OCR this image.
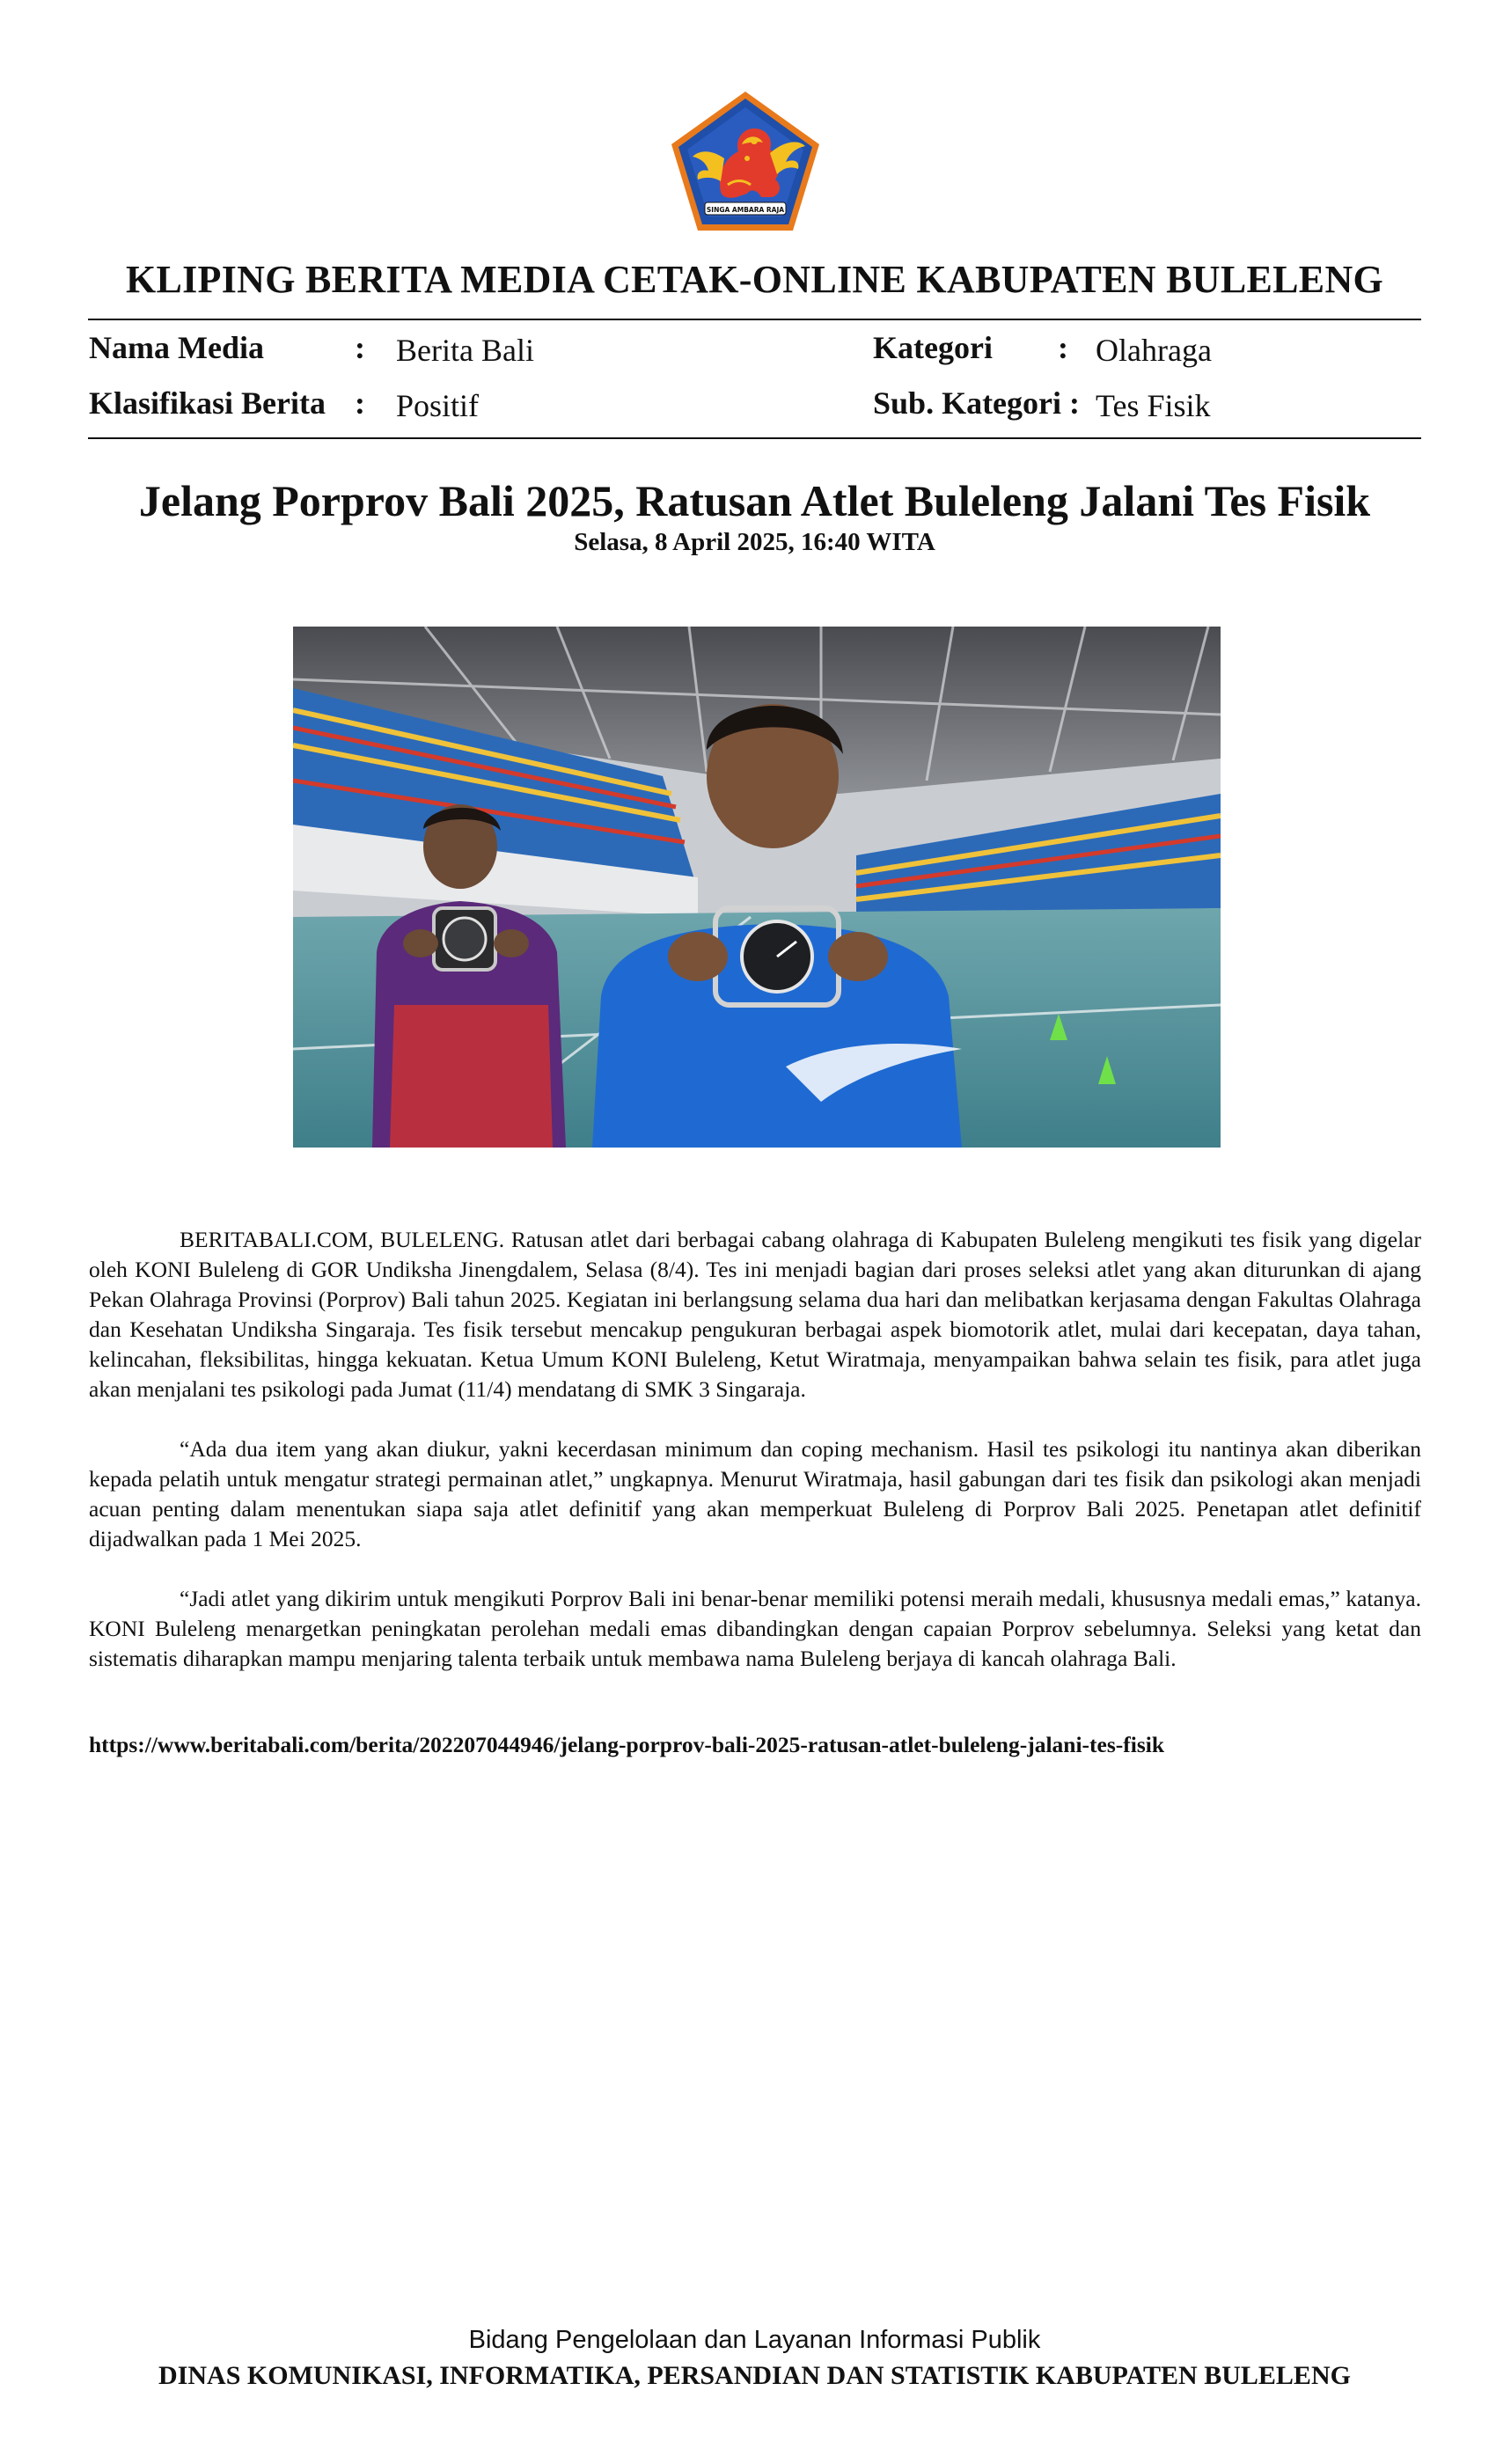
SINGA AMBARA RAJA
KLIPING BERITA MEDIA CETAK-ONLINE KABUPATEN BULELENG
Nama Media	: Berita Bali	Kategori : Olahraga
Klasifikasi Berita : Positif	Sub. Kategori : Tes Fisik
Jelang Porprov Bali 2025, Ratusan Atlet Buleleng Jalani Tes Fisik
Selasa, 8 April 2025, 16:40 WITA

BERITABALI.COM, BULELENG. Ratusan atlet dari berbagai cabang olahraga di Kabupaten Buleleng mengikuti tes fisik yang digelar oleh KONI Buleleng di GOR Undiksha Jinengdalem, Selasa (8/4). Tes ini menjadi bagian dari proses seleksi atlet yang akan diturunkan di ajang Pekan Olahraga Provinsi (Porprov) Bali tahun 2025. Kegiatan ini berlangsung selama dua hari dan melibatkan kerjasama dengan Fakultas Olahraga dan Kesehatan Undiksha Singaraja. Tes fisik tersebut mencakup pengukuran berbagai aspek biomotorik atlet, mulai dari kecepatan, daya tahan, kelincahan, fleksibilitas, hingga kekuatan. Ketua Umum KONI Buleleng, Ketut Wiratmaja, menyampaikan bahwa selain tes fisik, para atlet juga akan menjalani tes psikologi pada Jumat (11/4) mendatang di SMK 3 Singaraja.

“Ada dua item yang akan diukur, yakni kecerdasan minimum dan coping mechanism. Hasil tes psikologi itu nantinya akan diberikan kepada pelatih untuk mengatur strategi permainan atlet,” ungkapnya. Menurut Wiratmaja, hasil gabungan dari tes fisik dan psikologi akan menjadi acuan penting dalam menentukan siapa saja atlet definitif yang akan memperkuat Buleleng di Porprov Bali 2025. Penetapan atlet definitif dijadwalkan pada 1 Mei 2025.

“Jadi atlet yang dikirim untuk mengikuti Porprov Bali ini benar-benar memiliki potensi meraih medali, khususnya medali emas,” katanya. KONI Buleleng menargetkan peningkatan perolehan medali emas dibandingkan dengan capaian Porprov sebelumnya. Seleksi yang ketat dan sistematis diharapkan mampu menjaring talenta terbaik untuk membawa nama Buleleng berjaya di kancah olahraga Bali.

https://www.beritabali.com/berita/202207044946/jelang-porprov-bali-2025-ratusan-atlet-buleleng-jalani-tes-fisik
Bidang Pengelolaan dan Layanan Informasi Publik
DINAS KOMUNIKASI, INFORMATIKA, PERSANDIAN DAN STATISTIK KABUPATEN BULELENG
